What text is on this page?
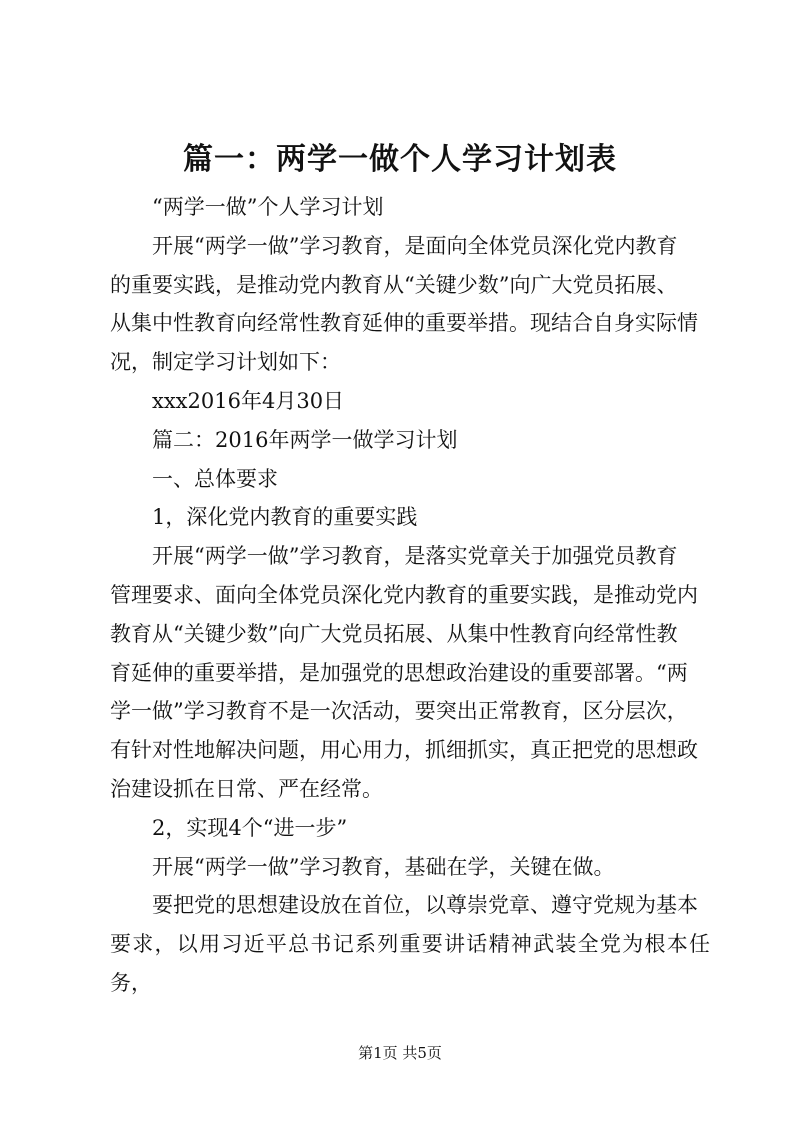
篇一：两学一做个人学习计划表

“两学一做”个人学习计划

开展“两学一做”学习教育，是面向全体党员深化党内教育
的重要实践，是推动党内教育从“关键少数”向广大党员拓展、
从集中性教育向经常性教育延伸的重要举措。现结合自身实际情
况，制定学习计划如下：

xxx2016年4月30日

篇二：2016年两学一做学习计划

一、总体要求

1，深化党内教育的重要实践

开展“两学一做”学习教育，是落实党章关于加强党员教育
管理要求、面向全体党员深化党内教育的重要实践，是推动党内
教育从“关键少数”向广大党员拓展、从集中性教育向经常性教
育延伸的重要举措，是加强党的思想政治建设的重要部署。“两
学一做”学习教育不是一次活动，要突出正常教育，区分层次，
有针对性地解决问题，用心用力，抓细抓实，真正把党的思想政
治建设抓在日常、严在经常。

2，实现4个“进一步”

开展“两学一做”学习教育，基础在学，关键在做。

要把党的思想建设放在首位，以尊崇党章、遵守党规为基本
要求，以用习近平总书记系列重要讲话精神武装全党为根本任务，

第1页 共5页
